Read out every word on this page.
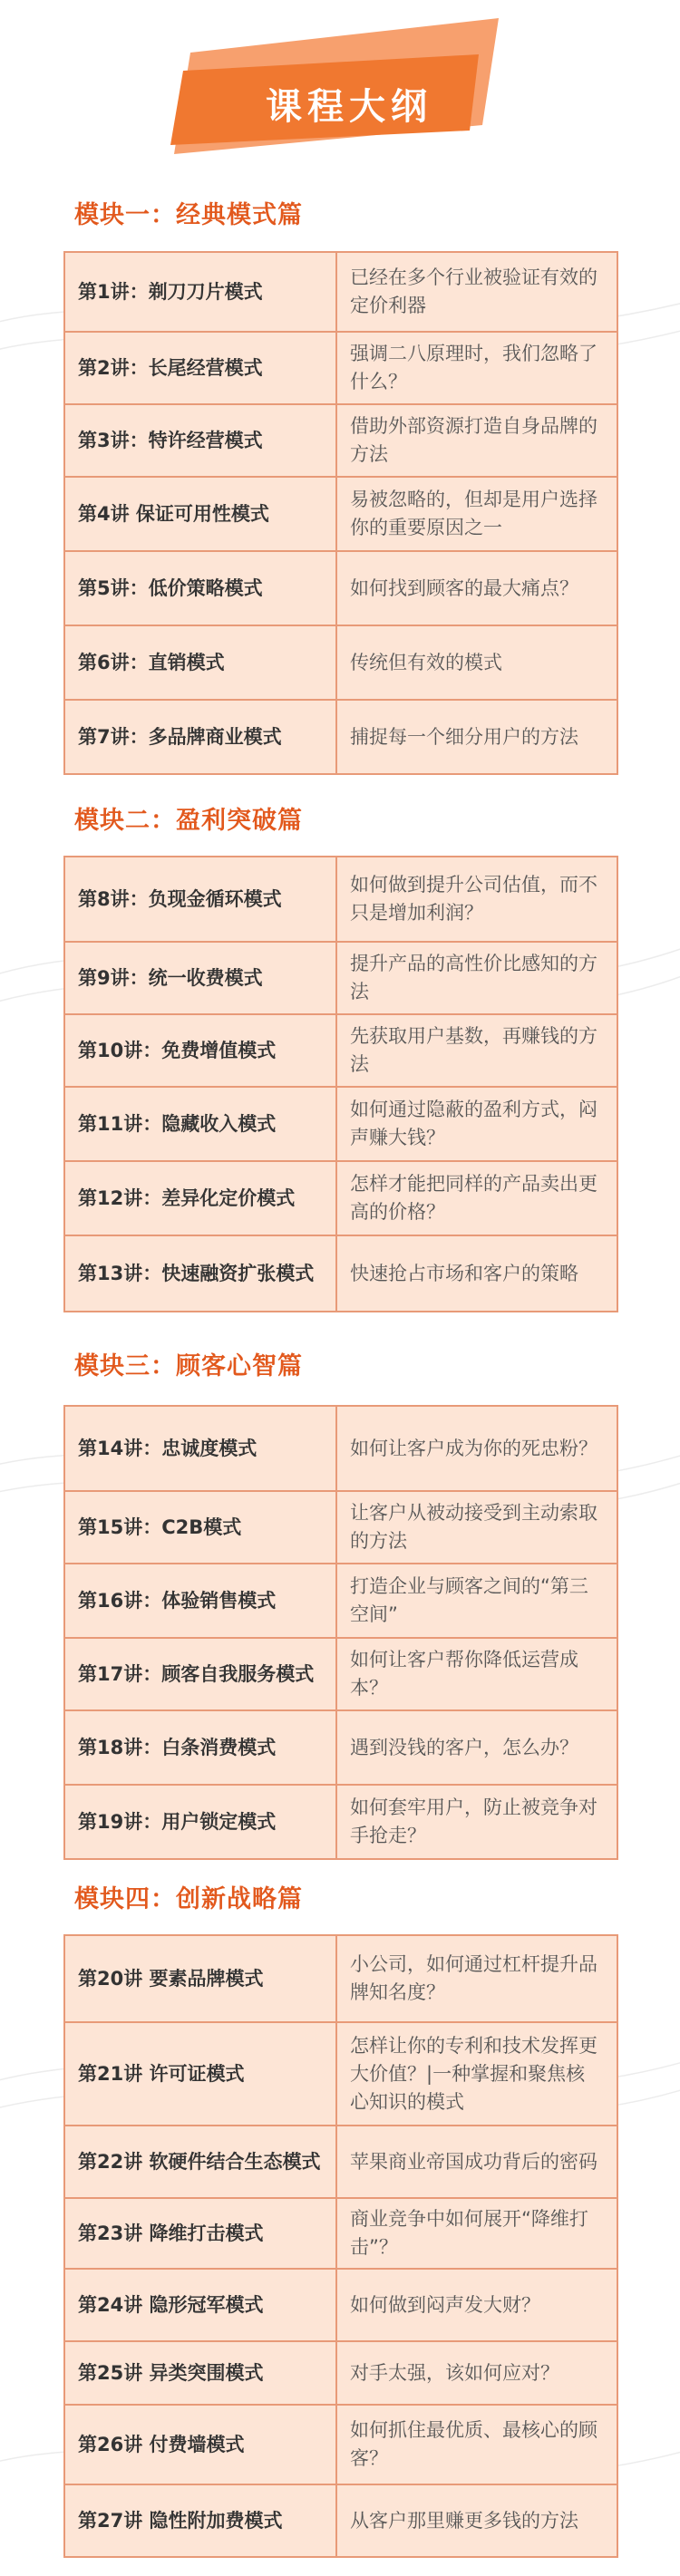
课程大纲
模块一：经典模式篇
第1讲：剃刀刀片模式	已经在多个行业被验证有效的定价利器
第2讲：长尾经营模式	强调二八原理时，我们忽略了什么？
第3讲：特许经营模式	借助外部资源打造自身品牌的方法
第4讲 保证可用性模式	易被忽略的，但却是用户选择你的重要原因之一
第5讲：低价策略模式	如何找到顾客的最大痛点？
第6讲：直销模式	传统但有效的模式
第7讲：多品牌商业模式	捕捉每一个细分用户的方法
模块二：盈利突破篇
第8讲：负现金循环模式	如何做到提升公司估值，而不只是增加利润？
第9讲：统一收费模式	提升产品的高性价比感知的方法
第10讲：免费增值模式	先获取用户基数，再赚钱的方法
第11讲：隐藏收入模式	如何通过隐蔽的盈利方式，闷声赚大钱？
第12讲：差异化定价模式	怎样才能把同样的产品卖出更高的价格？
第13讲：快速融资扩张模式	快速抢占市场和客户的策略
模块三：顾客心智篇
第14讲：忠诚度模式	如何让客户成为你的死忠粉？
第15讲：C2B模式	让客户从被动接受到主动索取的方法
第16讲：体验销售模式	打造企业与顾客之间的“第三空间”
第17讲：顾客自我服务模式	如何让客户帮你降低运营成本？
第18讲：白条消费模式	遇到没钱的客户，怎么办？
第19讲：用户锁定模式	如何套牢用户，防止被竞争对手抢走？
模块四：创新战略篇
第20讲 要素品牌模式	小公司，如何通过杠杆提升品牌知名度？
第21讲 许可证模式	怎样让你的专利和技术发挥更大价值？|一种掌握和聚焦核心知识的模式
第22讲 软硬件结合生态模式	苹果商业帝国成功背后的密码
第23讲 降维打击模式	商业竞争中如何展开“降维打击”？
第24讲 隐形冠军模式	如何做到闷声发大财？
第25讲 异类突围模式	对手太强，该如何应对？
第26讲 付费墙模式	如何抓住最优质、最核心的顾客？
第27讲 隐性附加费模式	从客户那里赚更多钱的方法
